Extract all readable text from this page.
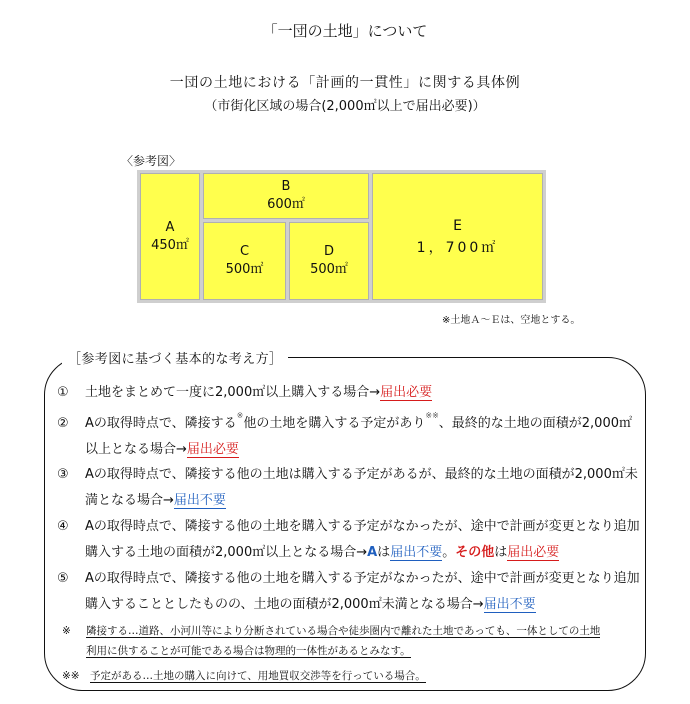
「一団の土地」について
一団の土地における「計画的一貫性」に関する具体例
（市街化区域の場合(2,000㎡以上で届出必要)）
〈参考図〉
A
450㎡
B
600㎡
C
500㎡
D
500㎡
E
1，700㎡
※土地Ａ～Ｅは、空地とする。
［参考図に基づく基本的な考え方］
①	土地をまとめて一度に2,000㎡以上購入する場合→届出必要
②	Aの取得時点で、隣接する※他の土地を購入する予定があり※※、最終的な土地の面積が2,000㎡
以上となる場合→届出必要
③	Aの取得時点で、隣接する他の土地は購入する予定があるが、最終的な土地の面積が2,000㎡未
満となる場合→届出不要
④	Aの取得時点で、隣接する他の土地を購入する予定がなかったが、途中で計画が変更となり追加
購入する土地の面積が2,000㎡以上となる場合→Aは届出不要。その他は届出必要
⑤	Aの取得時点で、隣接する他の土地を購入する予定がなかったが、途中で計画が変更となり追加
購入することとしたものの、土地の面積が2,000㎡未満となる場合→届出不要
※ 隣接する…道路、小河川等により分断されている場合や徒歩圏内で離れた土地であっても、一体としての土地
利用に供することが可能である場合は物理的一体性があるとみなす。
※※ 予定がある…土地の購入に向けて、用地買収交渉等を行っている場合。
